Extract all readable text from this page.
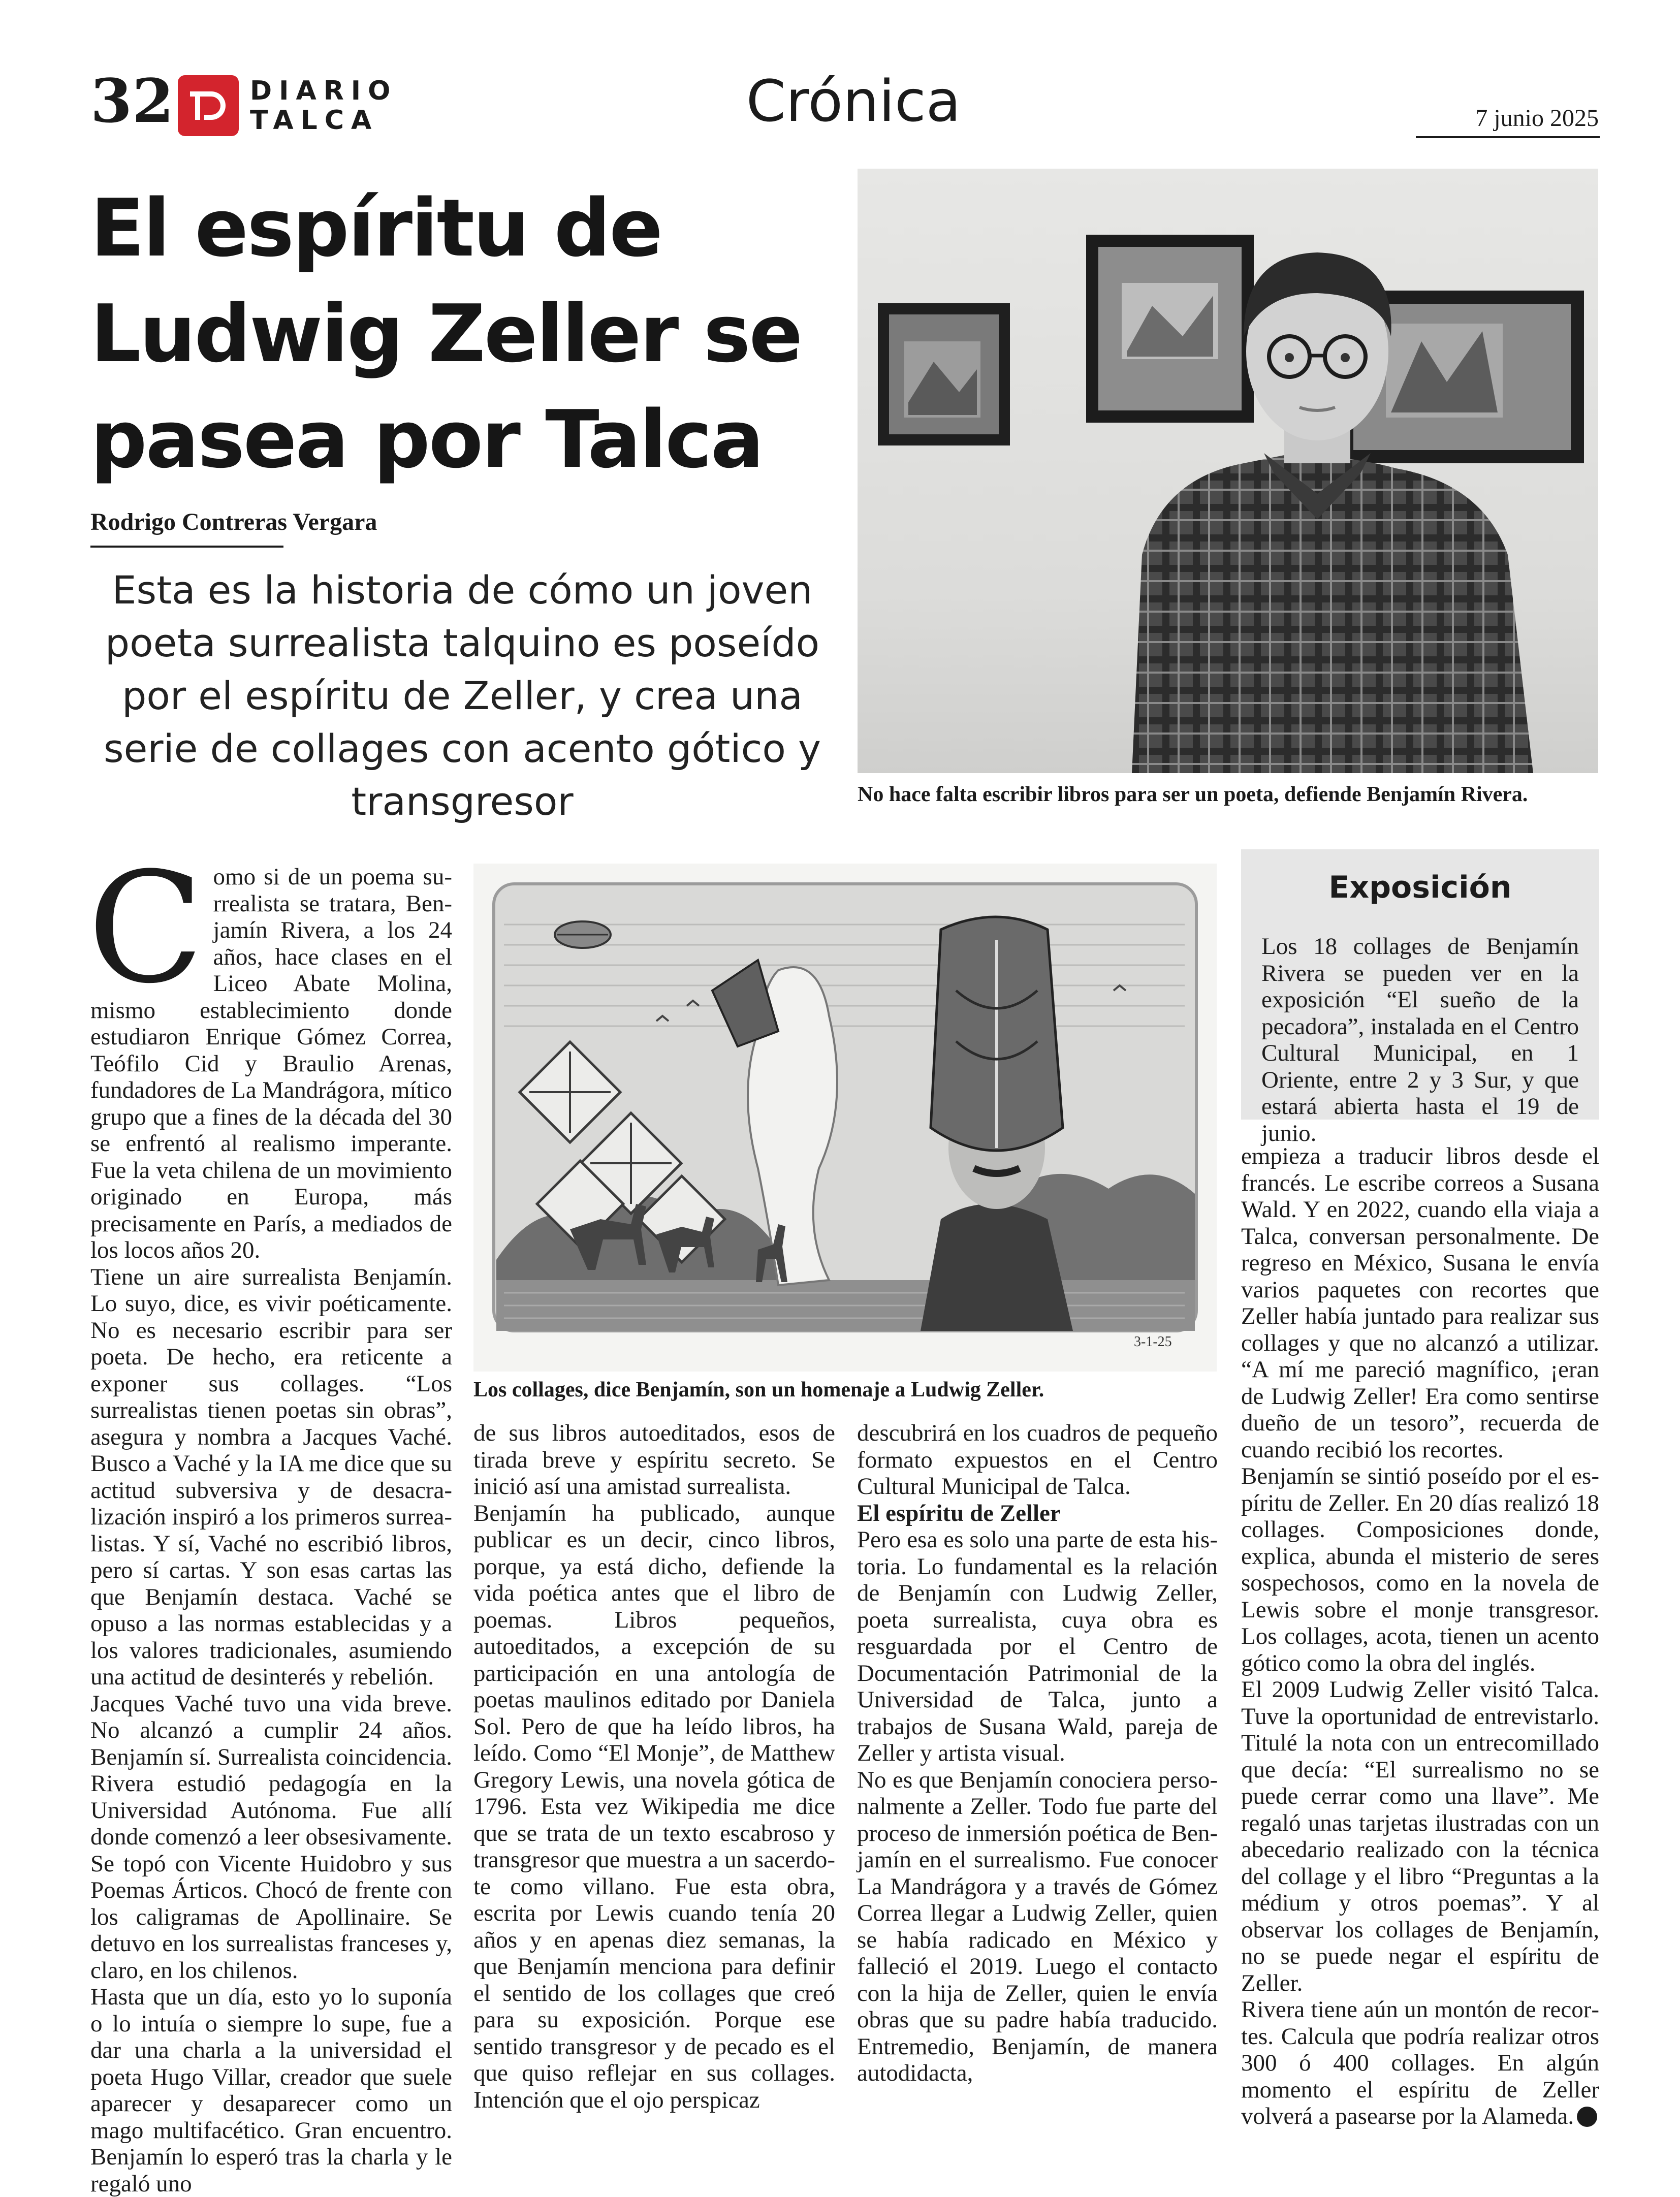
32	DIARIO
TALCA	Crónica	7 junio 2025
El espíritu de
Ludwig Zeller se
pasea por Talca
Rodrigo Contreras Vergara
Esta es la historia de cómo un joven
poeta surrealista talquino es poseído
por el espíritu de Zeller, y crea una
serie de collages con acento gótico y
transgresor	No hace falta escribir libros para ser un poeta, defiende Benjamín Rivera.

Como si de un poema surrealista se tratara, Benjamín Rivera, a los 24 años, hace clases en el Liceo Abate Molina, mismo establecimiento donde estudiaron Enrique Gómez Correa, Teófilo Cid y Braulio Arenas, fundadores de La Mandrágora, mítico grupo que a fines de la década del 30 se enfrentó al realismo imperante. Fue la veta chilena de un movimiento originado en Europa, más precisamente en París, a mediados de los locos años 20.

Tiene un aire surrealista Benjamín. Lo suyo, dice, es vivir poéticamente. No es necesario escribir para ser poeta. De hecho, era reticente a exponer sus collages. “Los surrealistas tienen poetas sin obras”, asegura y nombra a Jacques Vaché. Busco a Vaché y la IA me dice que su actitud subversiva y de desacralización inspiró a los primeros surrealistas. Y sí, Vaché no escribió libros, pero sí cartas. Y son esas cartas las que Benjamín destaca. Vaché se opuso a las normas establecidas y a los valores tradicionales, asumiendo una actitud de desinterés y rebelión.

Jacques Vaché tuvo una vida breve. No alcanzó a cumplir 24 años. Benjamín sí. Surrealista coincidencia. Rivera estudió pedagogía en la Universidad Autónoma. Fue allí donde comenzó a leer obsesivamente. Se topó con Vicente Huidobro y sus Poemas Árticos. Chocó de frente con los caligramas de Apollinaire. Se detuvo en los surrealistas franceses y, claro, en los chilenos.

Hasta que un día, esto yo lo suponía o lo intuía o siempre lo supe, fue a dar una charla a la universidad el poeta Hugo Villar, creador que suele aparecer y desaparecer como un mago multifacético. Gran encuentro. Benjamín lo esperó tras la charla y le regaló uno

3-1-25
Los collages, dice Benjamín, son un homenaje a Ludwig Zeller.

de sus libros autoeditados, esos de tirada breve y espíritu secreto. Se inició así una amistad surrealista.

Benjamín ha publicado, aunque publicar es un decir, cinco libros, porque, ya está dicho, defiende la vida poética antes que el libro de poemas. Libros pequeños, autoeditados, a excepción de su participación en una antología de poetas maulinos editado por Daniela Sol. Pero de que ha leído libros, ha leído. Como “El Monje”, de Matthew Gregory Lewis, una novela gótica de 1796. Esta vez Wikipedia me dice que se trata de un texto escabroso y transgresor que muestra a un sacerdote como villano. Fue esta obra, escrita por Lewis cuando tenía 20 años y en apenas diez semanas, la que Benjamín menciona para definir el sentido de los collages que creó para su exposición. Porque ese sentido transgresor y de pecado es el que quiso reflejar en sus collages. Intención que el ojo perspicaz

descubrirá en los cuadros de pequeño formato expuestos en el Centro Cultural Municipal de Talca.

El espíritu de Zeller

Pero esa es solo una parte de esta historia. Lo fundamental es la relación de Benjamín con Ludwig Zeller, poeta surrealista, cuya obra es resguardada por el Centro de Documentación Patrimonial de la Universidad de Talca, junto a trabajos de Susana Wald, pareja de Zeller y artista visual.

No es que Benjamín conociera personalmente a Zeller. Todo fue parte del proceso de inmersión poética de Benjamín en el surrealismo. Fue conocer La Mandrágora y a través de Gómez Correa llegar a Ludwig Zeller, quien se había radicado en México y falleció el 2019. Luego el contacto con la hija de Zeller, quien le envía obras que su padre había traducido. Entremedio, Benjamín, de manera autodidacta,

Exposición
Los 18 collages de Benjamín Rivera se pueden ver en la exposición “El sueño de la pecadora”, instalada en el Centro Cultural Municipal, en 1 Oriente, entre 2 y 3 Sur, y que estará abierta hasta el 19 de junio.

empieza a traducir libros desde el francés. Le escribe correos a Susana Wald. Y en 2022, cuando ella viaja a Talca, conversan personalmente. De regreso en México, Susana le envía varios paquetes con recortes que Zeller había juntado para realizar sus collages y que no alcanzó a utilizar. “A mí me pareció magnífico, ¡eran de Ludwig Zeller! Era como sentirse dueño de un tesoro”, recuerda de cuando recibió los recortes.

Benjamín se sintió poseído por el espíritu de Zeller. En 20 días realizó 18 collages. Composiciones donde, explica, abunda el misterio de seres sospechosos, como en la novela de Lewis sobre el monje transgresor. Los collages, acota, tienen un acento gótico como la obra del inglés.

El 2009 Ludwig Zeller visitó Talca. Tuve la oportunidad de entrevistarlo. Titulé la nota con un entrecomillado que decía: “El surrealismo no se puede cerrar como una llave”. Me regaló unas tarjetas ilustradas con un abecedario realizado con la técnica del collage y el libro “Preguntas a la médium y otros poemas”. Y al observar los collages de Benjamín, no se puede negar el espíritu de Zeller.

Rivera tiene aún un montón de recortes. Calcula que podría realizar otros 300 ó 400 collages. En algún momento el espíritu de Zeller volverá a pasearse por la Alameda.
